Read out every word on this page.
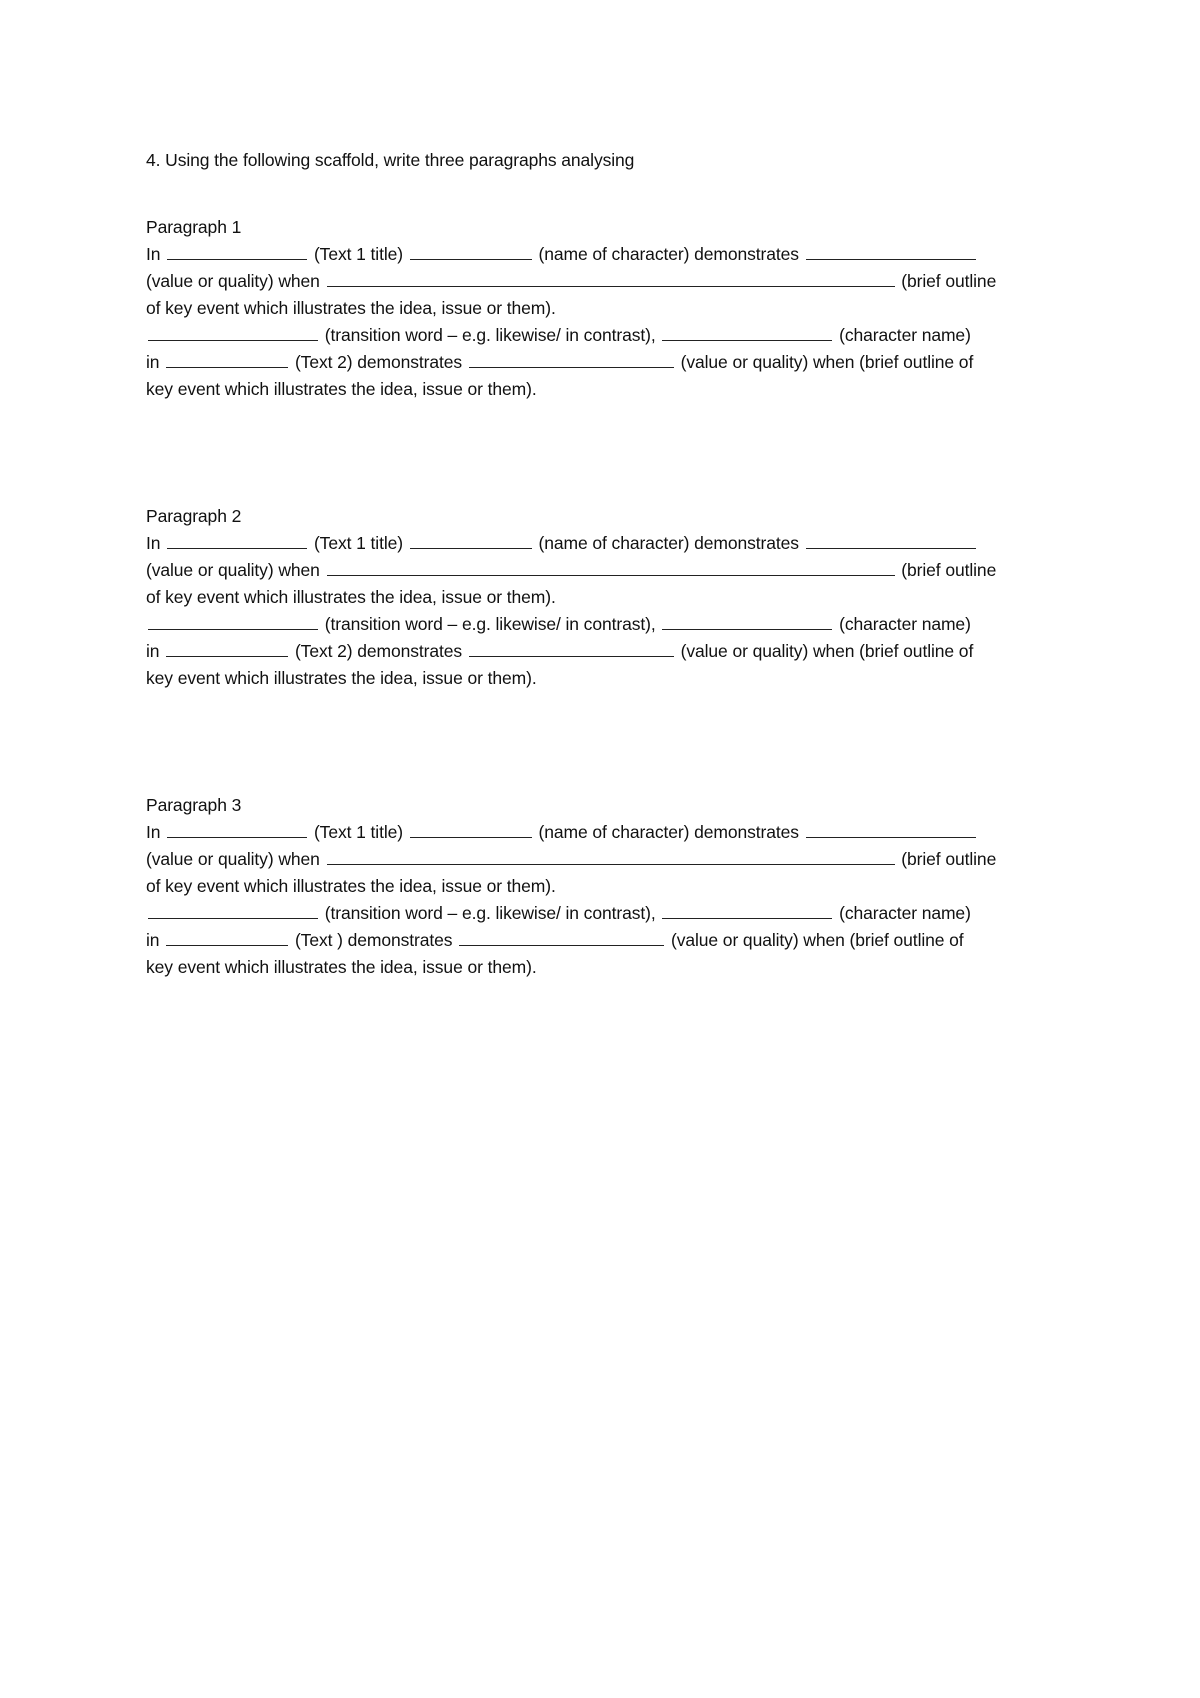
4. Using the following scaffold, write three paragraphs analysing

Paragraph 1

In	(Text 1 title)	(name of character) demonstrates

(value or quality) when	(brief outline

of key event which illustrates the idea, issue or them).

(transition word – e.g. likewise/ in contrast),	(character name)

in	(Text 2) demonstrates	(value or quality) when (brief outline of

key event which illustrates the idea, issue or them).

Paragraph 2

In	(Text 1 title)	(name of character) demonstrates

(value or quality) when	(brief outline

of key event which illustrates the idea, issue or them).

(transition word – e.g. likewise/ in contrast),	(character name)

in	(Text 2) demonstrates	(value or quality) when (brief outline of

key event which illustrates the idea, issue or them).

Paragraph 3

In	(Text 1 title)	(name of character) demonstrates

(value or quality) when	(brief outline

of key event which illustrates the idea, issue or them).

(transition word – e.g. likewise/ in contrast),	(character name)

in	(Text ) demonstrates	(value or quality) when (brief outline of

key event which illustrates the idea, issue or them).
